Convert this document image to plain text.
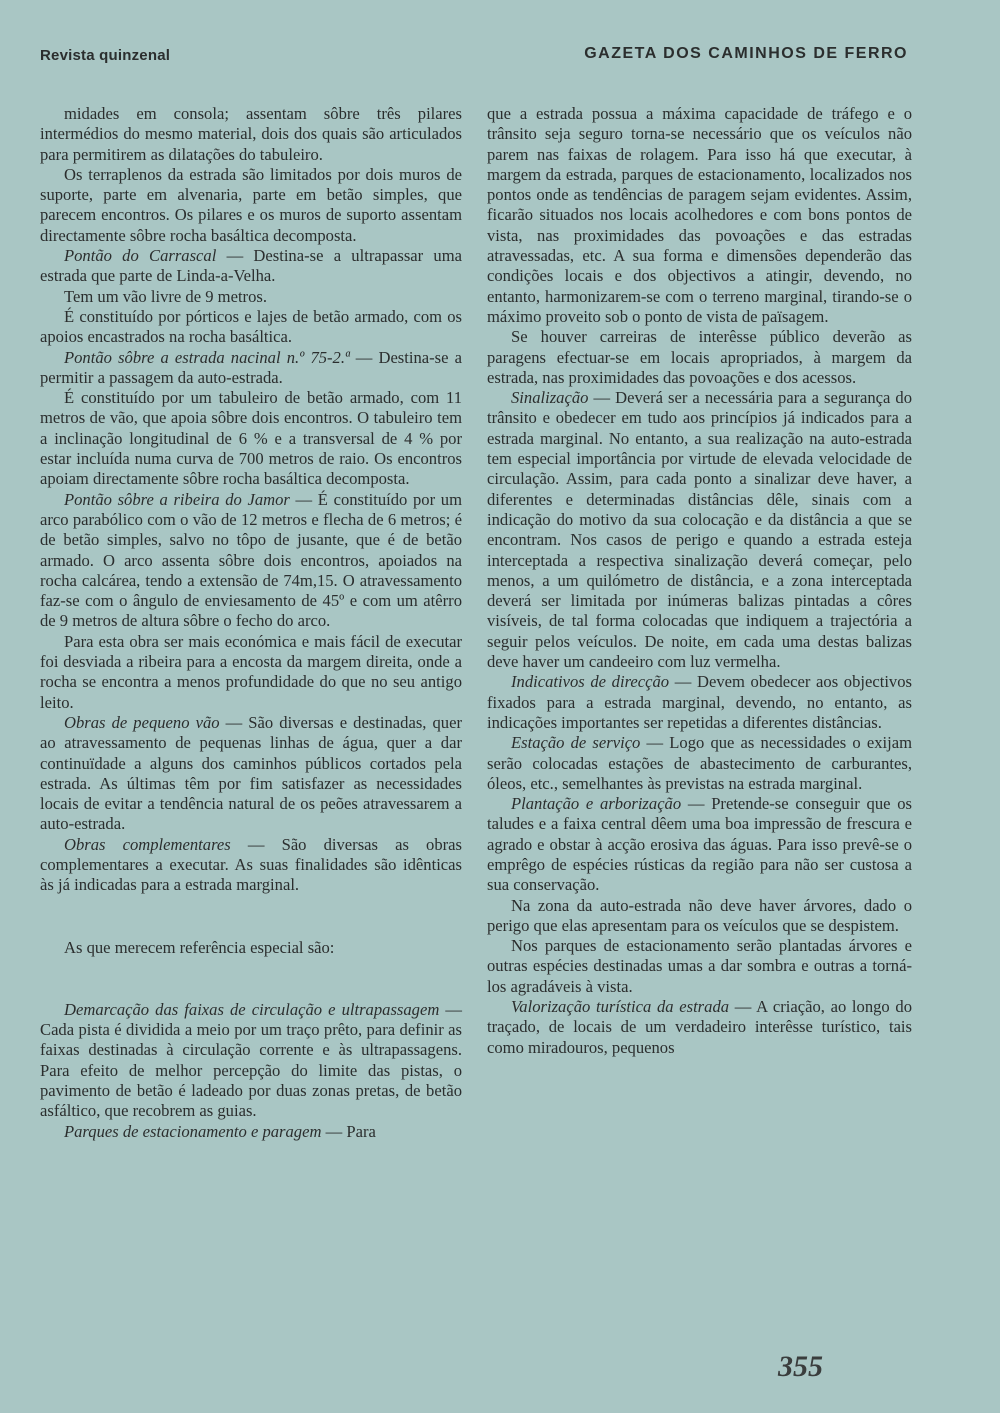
Revista quinzenal	GAZETA DOS CAMINHOS DE FERRO

midades em consola; assentam sôbre três pilares intermédios do mesmo material, dois dos quais são articulados para permitirem as dilatações do tabuleiro.

Os terraplenos da estrada são limitados por dois muros de suporte, parte em alvenaria, parte em betão simples, que parecem encontros. Os pilares e os muros de suporto assentam directamente sôbre rocha basáltica decomposta.

Pontão do Carrascal — Destina-se a ultrapassar uma estrada que parte de Linda-a-Velha.

Tem um vão livre de 9 metros.

É constituído por pórticos e lajes de betão armado, com os apoios encastrados na rocha basáltica.

Pontão sôbre a estrada nacinal n.º 75-2.ª — Destina-se a permitir a passagem da auto-estrada.

É constituído por um tabuleiro de betão armado, com 11 metros de vão, que apoia sôbre dois encontros. O tabuleiro tem a inclinação longitudinal de 6 % e a transversal de 4 % por estar incluída numa curva de 700 metros de raio. Os encontros apoiam directamente sôbre rocha basáltica decomposta.

Pontão sôbre a ribeira do Jamor — É constituído por um arco parabólico com o vão de 12 metros e flecha de 6 metros; é de betão simples, salvo no tôpo de jusante, que é de betão armado. O arco assenta sôbre dois encontros, apoiados na rocha calcárea, tendo a extensão de 74m,15. O atravessamento faz-se com o ângulo de enviesamento de 45º e com um atêrro de 9 metros de altura sôbre o fecho do arco.

Para esta obra ser mais económica e mais fácil de executar foi desviada a ribeira para a encosta da margem direita, onde a rocha se encontra a menos profundidade do que no seu antigo leito.

Obras de pequeno vão — São diversas e destinadas, quer ao atravessamento de pequenas linhas de água, quer a dar continuïdade a alguns dos caminhos públicos cortados pela estrada. As últimas têm por fim satisfazer as necessidades locais de evitar a tendência natural de os peões atravessarem a auto-estrada.

Obras complementares — São diversas as obras complementares a executar. As suas finalidades são idênticas às já indicadas para a estrada marginal.

As que merecem referência especial são:

Demarcação das faixas de circulação e ultrapassagem — Cada pista é dividida a meio por um traço prêto, para definir as faixas destinadas à circulação corrente e às ultrapassagens. Para efeito de melhor percepção do limite das pistas, o pavimento de betão é ladeado por duas zonas pretas, de betão asfáltico, que recobrem as guias.

Parques de estacionamento e paragem — Para

que a estrada possua a máxima capacidade de tráfego e o trânsito seja seguro torna-se necessário que os veículos não parem nas faixas de rolagem. Para isso há que executar, à margem da estrada, parques de estacionamento, localizados nos pontos onde as tendências de paragem sejam evidentes. Assim, ficarão situados nos locais acolhedores e com bons pontos de vista, nas proximidades das povoações e das estradas atravessadas, etc. A sua forma e dimensões dependerão das condições locais e dos objectivos a atingir, devendo, no entanto, harmonizarem-se com o terreno marginal, tirando-se o máximo proveito sob o ponto de vista de païsagem.

Se houver carreiras de interêsse público deverão as paragens efectuar-se em locais apropriados, à margem da estrada, nas proximidades das povoações e dos acessos.

Sinalização — Deverá ser a necessária para a segurança do trânsito e obedecer em tudo aos princípios já indicados para a estrada marginal. No entanto, a sua realização na auto-estrada tem especial importância por virtude de elevada velocidade de circulação. Assim, para cada ponto a sinalizar deve haver, a diferentes e determinadas distâncias dêle, sinais com a indicação do motivo da sua colocação e da distância a que se encontram. Nos casos de perigo e quando a estrada esteja interceptada a respectiva sinalização deverá começar, pelo menos, a um quilómetro de distância, e a zona interceptada deverá ser limitada por inúmeras balizas pintadas a côres visíveis, de tal forma colocadas que indiquem a trajectória a seguir pelos veículos. De noite, em cada uma destas balizas deve haver um candeeiro com luz vermelha.

Indicativos de direcção — Devem obedecer aos objectivos fixados para a estrada marginal, devendo, no entanto, as indicações importantes ser repetidas a diferentes distâncias.

Estação de serviço — Logo que as necessidades o exijam serão colocadas estações de abastecimento de carburantes, óleos, etc., semelhantes às previstas na estrada marginal.

Plantação e arborização — Pretende-se conseguir que os taludes e a faixa central dêem uma boa impressão de frescura e agrado e obstar à acção erosiva das águas. Para isso prevê-se o emprêgo de espécies rústicas da região para não ser custosa a sua conservação.

Na zona da auto-estrada não deve haver árvores, dado o perigo que elas apresentam para os veículos que se despistem.

Nos parques de estacionamento serão plantadas árvores e outras espécies destinadas umas a dar sombra e outras a torná-los agradáveis à vista.

Valorização turística da estrada — A criação, ao longo do traçado, de locais de um verdadeiro interêsse turístico, tais como miradouros, pequenos

355
